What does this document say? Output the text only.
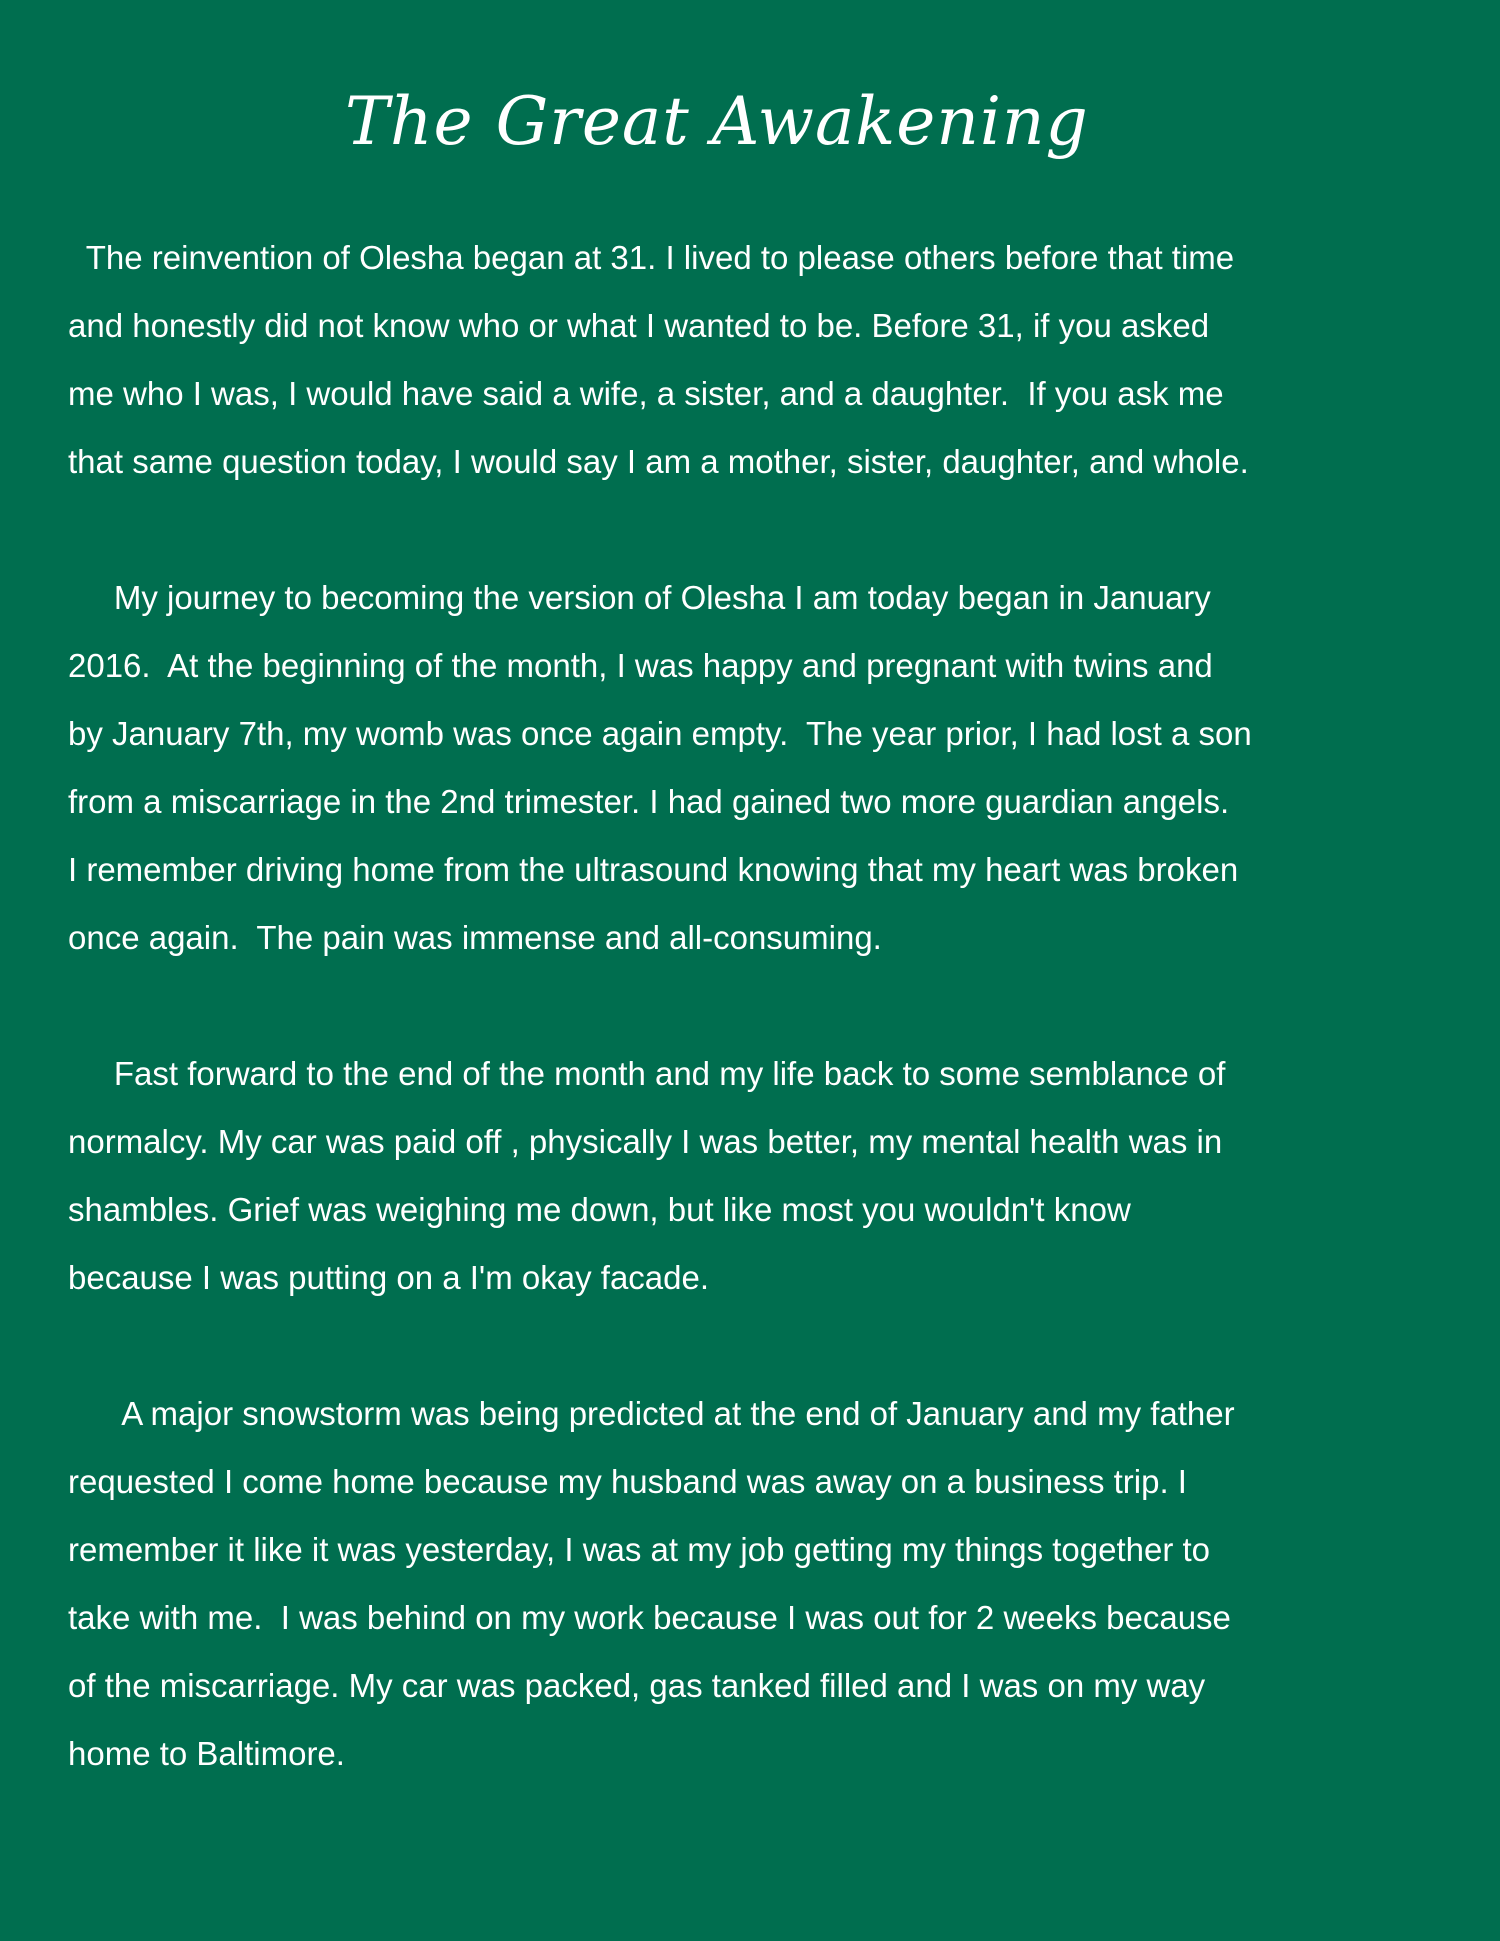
The Great Awakening
The reinvention of Olesha began at 31. I lived to please others before that time
and honestly did not know who or what I wanted to be. Before 31, if you asked
me who I was, I would have said a wife, a sister, and a daughter.  If you ask me
that same question today, I would say I am a mother, sister, daughter, and whole.
My journey to becoming the version of Olesha I am today began in January
2016.  At the beginning of the month, I was happy and pregnant with twins and
by January 7th, my womb was once again empty.  The year prior, I had lost a son
from a miscarriage in the 2nd trimester. I had gained two more guardian angels.
I remember driving home from the ultrasound knowing that my heart was broken
once again.  The pain was immense and all-consuming.
Fast forward to the end of the month and my life back to some semblance of
normalcy. My car was paid off , physically I was better, my mental health was in
shambles. Grief was weighing me down, but like most you wouldn't know
because I was putting on a I'm okay facade.
A major snowstorm was being predicted at the end of January and my father
requested I come home because my husband was away on a business trip. I
remember it like it was yesterday, I was at my job getting my things together to
take with me.  I was behind on my work because I was out for 2 weeks because
of the miscarriage. My car was packed, gas tanked filled and I was on my way
home to Baltimore.
